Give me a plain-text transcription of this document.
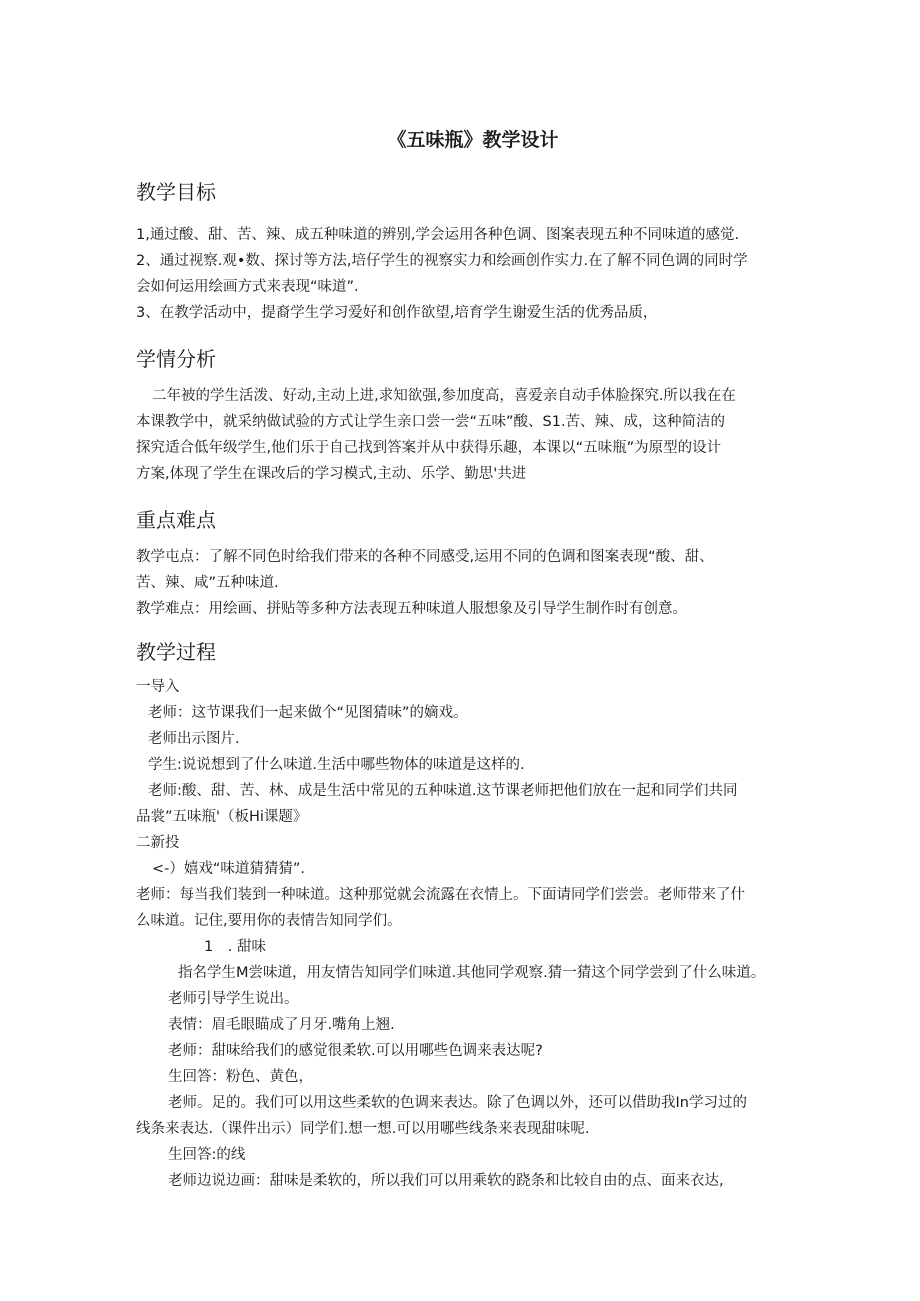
《五味瓶》教学设计
教学目标
1,通过酸、甜、苦、辣、成五种味道的辨别,学会运用各种色调、图案表现五种不同味道的感觉.
2、通过视察.观•数、探讨等方法,培仔学生的视察实力和绘画创作实力.在了解不同色调的同时学
会如何运用绘画方式来表现“味道”.
3、在教学活动中，提裔学生学习爱好和创作欲望,培育学生谢爱生活的优秀品质，
学情分析
二年被的学生活泼、好动,主动上进,求知欲强,参加度高，喜爱亲自动手体脸探究.所以我在在
本课教学中，就采纳做试验的方式让学生亲口尝一尝“五味”酸、S1.苦、辣、成，这种简洁的
探究适合低年级学生,他们乐于自己找到答案并从中获得乐趣，本课以“五味瓶”为原型的设计
方案,体现了学生在课改后的学习模式,主动、乐学、勤思'共进
重点难点
教学屯点：了解不同色时给我们带来的各种不同感受,运用不同的色调和图案表现“酸、甜、
苦、辣、咸”五种味道.
教学难点：用绘画、拼贴等多种方法表现五种味道人服想象及引导学生制作时有创意。
教学过程
一导入
老师：这节课我们一起来做个“见图猜味”的嫡戏。
老师出示图片.
学生:说说想到了什么味道.生活中哪些物体的味道是这样的.
老师:酸、甜、苦、林、成是生活中常见的五种味道.这节课老师把他们放在一起和同学们共同
品裳”五味瓶'（板Hi课题》
二新投
<-）嬉戏“味道猜猜猜”.
老师：每当我们装到一种味道。这种那觉就会流露在衣情上。下面请同学们尝尝。老师带来了什
么味道。记住,要用你的表情告知同学们。
1　. 甜味
指名学生M尝味道，用友情告知同学们味道.其他同学观察.猜一猜这个同学尝到了什么味道。
老师引导学生说出。
表情：眉毛眼瞄成了月牙.嘴角上翘.
老师：甜味给我们的感觉很柔软.可以用哪些色调来表达呢?
生回答：粉色、黄色，
老师。足的。我们可以用这些柔软的色调来表达。除了色调以外，还可以借助我In学习过的
线条来表达.（课件出示）同学们.想一想.可以用哪些线条来表现甜味呢.
生回答:的线
老师边说边画：甜味是柔软的，所以我们可以用乘软的跷条和比较自由的点、面来衣达,
